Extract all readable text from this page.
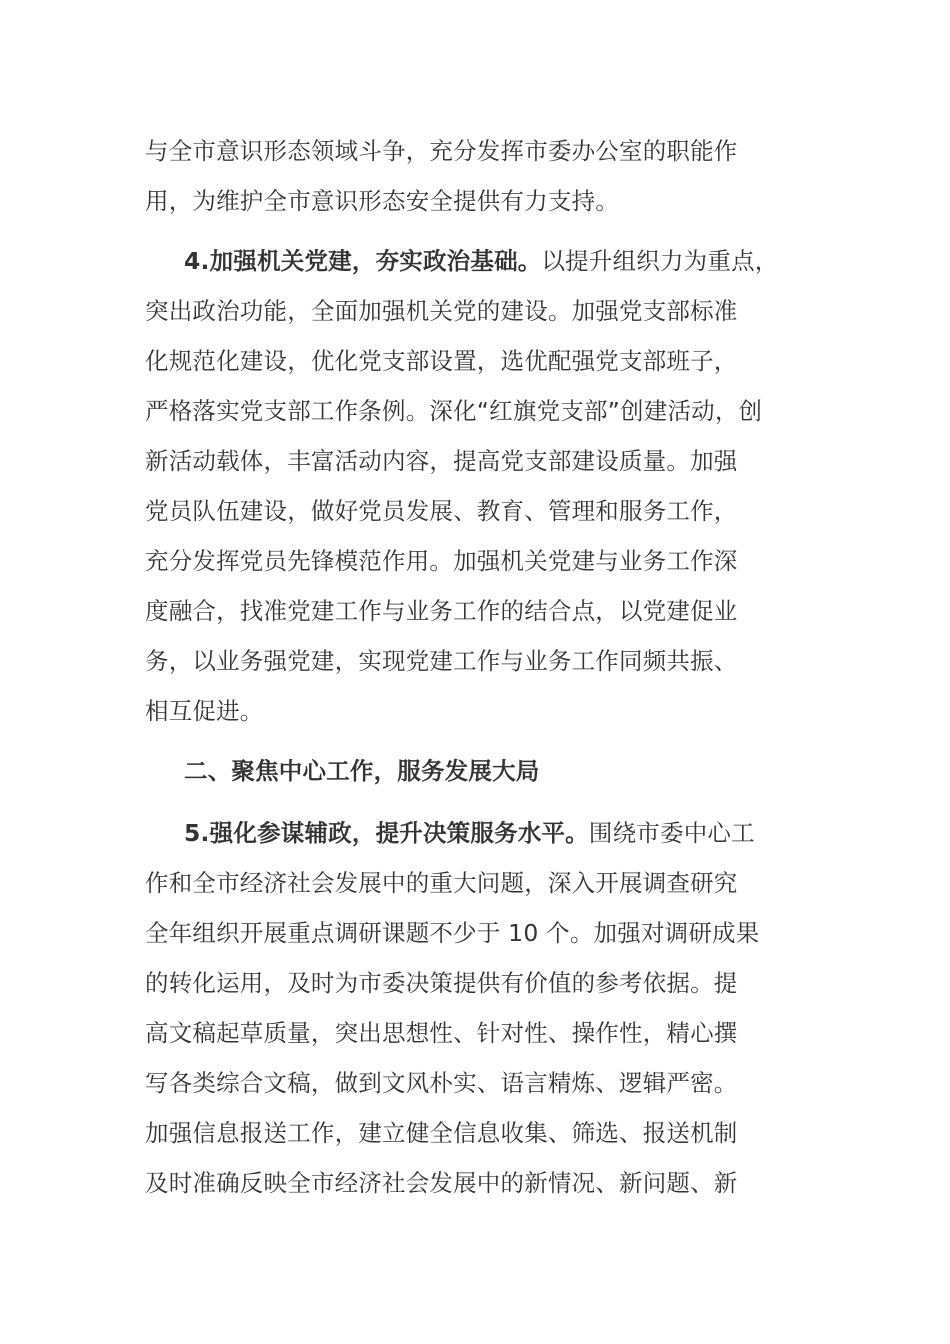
与全市意识形态领域斗争，充分发挥市委办公室的职能作
用，为维护全市意识形态安全提供有力支持。
4.加强机关党建，夯实政治基础。以提升组织力为重点，
突出政治功能，全面加强机关党的建设。加强党支部标准
化规范化建设，优化党支部设置，选优配强党支部班子，
严格落实党支部工作条例。深化“红旗党支部”创建活动，创
新活动载体，丰富活动内容，提高党支部建设质量。加强
党员队伍建设，做好党员发展、教育、管理和服务工作，
充分发挥党员先锋模范作用。加强机关党建与业务工作深
度融合，找准党建工作与业务工作的结合点，以党建促业
务，以业务强党建，实现党建工作与业务工作同频共振、
相互促进。
二、聚焦中心工作，服务发展大局
5.强化参谋辅政，提升决策服务水平。围绕市委中心工
作和全市经济社会发展中的重大问题，深入开展调查研究
全年组织开展重点调研课题不少于 10 个。加强对调研成果
的转化运用，及时为市委决策提供有价值的参考依据。提
高文稿起草质量，突出思想性、针对性、操作性，精心撰
写各类综合文稿，做到文风朴实、语言精炼、逻辑严密。
加强信息报送工作，建立健全信息收集、筛选、报送机制
及时准确反映全市经济社会发展中的新情况、新问题、新
